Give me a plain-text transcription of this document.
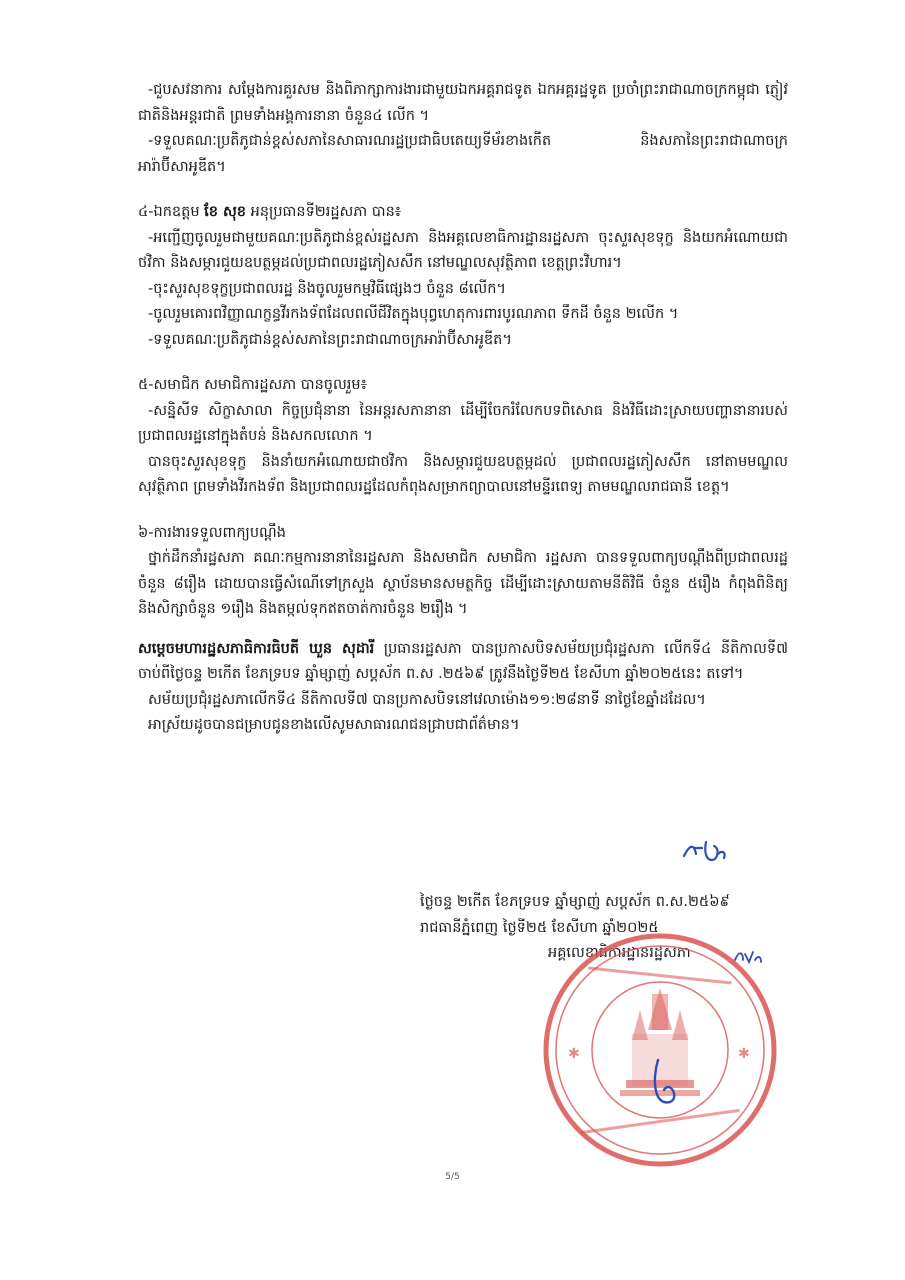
-ជួបសវនាការ សម្ដែងការគួរសម និងពិភាក្សាការងារជាមួយឯកអគ្គរាជទូត ឯកអគ្គរដ្ឋទូត ប្រចាំព្រះរាជាណាចក្រកម្ពុជា ភ្ញៀវជាតិនិងអន្តរជាតិ ព្រមទាំងអង្គការនានា ចំនួន៤ លើក ។

-ទទួលគណៈប្រតិភូជាន់ខ្ពស់សភានៃសាធារណរដ្ឋប្រជាធិបតេយ្យទីម័រខាងកើត និងសភានៃព្រះរាជាណាចក្រអារ៉ាប៊ីសាអូឌីត។

៤-ឯកឧត្ដម ខែ សុខ អនុប្រធានទី២រដ្ឋសភា បាន៖

-អញ្ជើញចូលរួមជាមួយគណៈប្រតិភូជាន់ខ្ពស់រដ្ឋសភា និងអគ្គលេខាធិការដ្ឋានរដ្ឋសភា ចុះសួរសុខទុក្ខ និងយកអំណោយជាថវិកា និងសម្ភារជួយឧបត្ថម្ភដល់ប្រជាពលរដ្ឋភៀសសឹក នៅមណ្ឌលសុវត្ថិភាព ខេត្តព្រះវិហារ។

-ចុះសួរសុខទុក្ខប្រជាពលរដ្ឋ និងចូលរួមកម្មវិធីផ្សេងៗ ចំនួន ៨លើក។

-ចូលរួមគោរពវិញ្ញាណក្ខន្ធវីរកងទ័ពដែលពលីជីវិតក្នុងបុព្វហេតុការពារបូរណភាព ទឹកដី ចំនួន ២លើក ។

-ទទួលគណៈប្រតិភូជាន់ខ្ពស់សភានៃព្រះរាជាណាចក្រអារ៉ាប៊ីសាអូឌីត។

៥-សមាជិក សមាជិការដ្ឋសភា បានចូលរួម៖

-សន្និសីទ សិក្ខាសាលា កិច្ចប្រជុំនានា នៃអន្តរសភានានា ដើម្បីចែករំលែកបទពិសោធ និងវិធីដោះស្រាយបញ្ហានានារបស់ប្រជាពលរដ្ឋនៅក្នុងតំបន់ និងសកលលោក ។

បានចុះសួរសុខទុក្ខ និងនាំយកអំណោយជាថវិកា និងសម្ភារជួយឧបត្ថម្ភដល់ ប្រជាពលរដ្ឋភៀសសឹក នៅតាមមណ្ឌលសុវត្ថិភាព ព្រមទាំងវីរកងទ័ព និងប្រជាពលរដ្ឋដែលកំពុងសម្រាកព្យាបាលនៅមន្ទីរពេទ្យ តាមមណ្ឌលរាជធានី ខេត្ត។

៦-ការងារទទួលពាក្យបណ្ដឹង

ថ្នាក់ដឹកនាំរដ្ឋសភា គណៈកម្មការនានានៃរដ្ឋសភា និងសមាជិក សមាជិកា រដ្ឋសភា បានទទួលពាក្យបណ្ដឹងពីប្រជាពលរដ្ឋចំនួន ៨រឿង ដោយបានធ្វើសំណើទៅក្រសួង ស្ថាប័នមានសមត្ថកិច្ច ដើម្បីដោះស្រាយតាមនីតិវិធី ចំនួន ៥រឿង កំពុងពិនិត្យ និងសិក្សាចំនួន ១រឿង និងតម្កល់ទុកឥតចាត់ការចំនួន ២រឿង ។

សម្ដេចមហារដ្ឋសភាធិការធិបតី ឃួន សុដារី ប្រធានរដ្ឋសភា បានប្រកាសបិទសម័យប្រជុំរដ្ឋសភា លើកទី៤ នីតិកាលទី៧ ចាប់ពីថ្ងៃចន្ទ ២កើត ខែភទ្របទ ឆ្នាំម្សាញ់ សប្តស័ក ព.ស .២៥៦៩ ត្រូវនឹងថ្ងៃទី២៥ ខែសីហា ឆ្នាំ២០២៥នេះ តទៅ។

សម័យប្រជុំរដ្ឋសភាលើកទី៤ នីតិកាលទី៧ បានប្រកាសបិទនៅវេលាម៉ោង១១:២៨នាទី នាថ្ងៃខែឆ្នាំដដែល។

អាស្រ័យដូចបានជម្រាបជូនខាងលើសូមសាធារណជនជ្រាបជាព័ត៌មាន។

ថ្ងៃចន្ទ ២កើត ខែភទ្របទ ឆ្នាំម្សាញ់ សប្តស័ក ព.ស.២៥៦៩
រាជធានីភ្នំពេញ ថ្ងៃទី២៥ ខែសីហា ឆ្នាំ២០២៥
អគ្គលេខាធិការដ្ឋានរដ្ឋសភា
✱	✱
5/5
